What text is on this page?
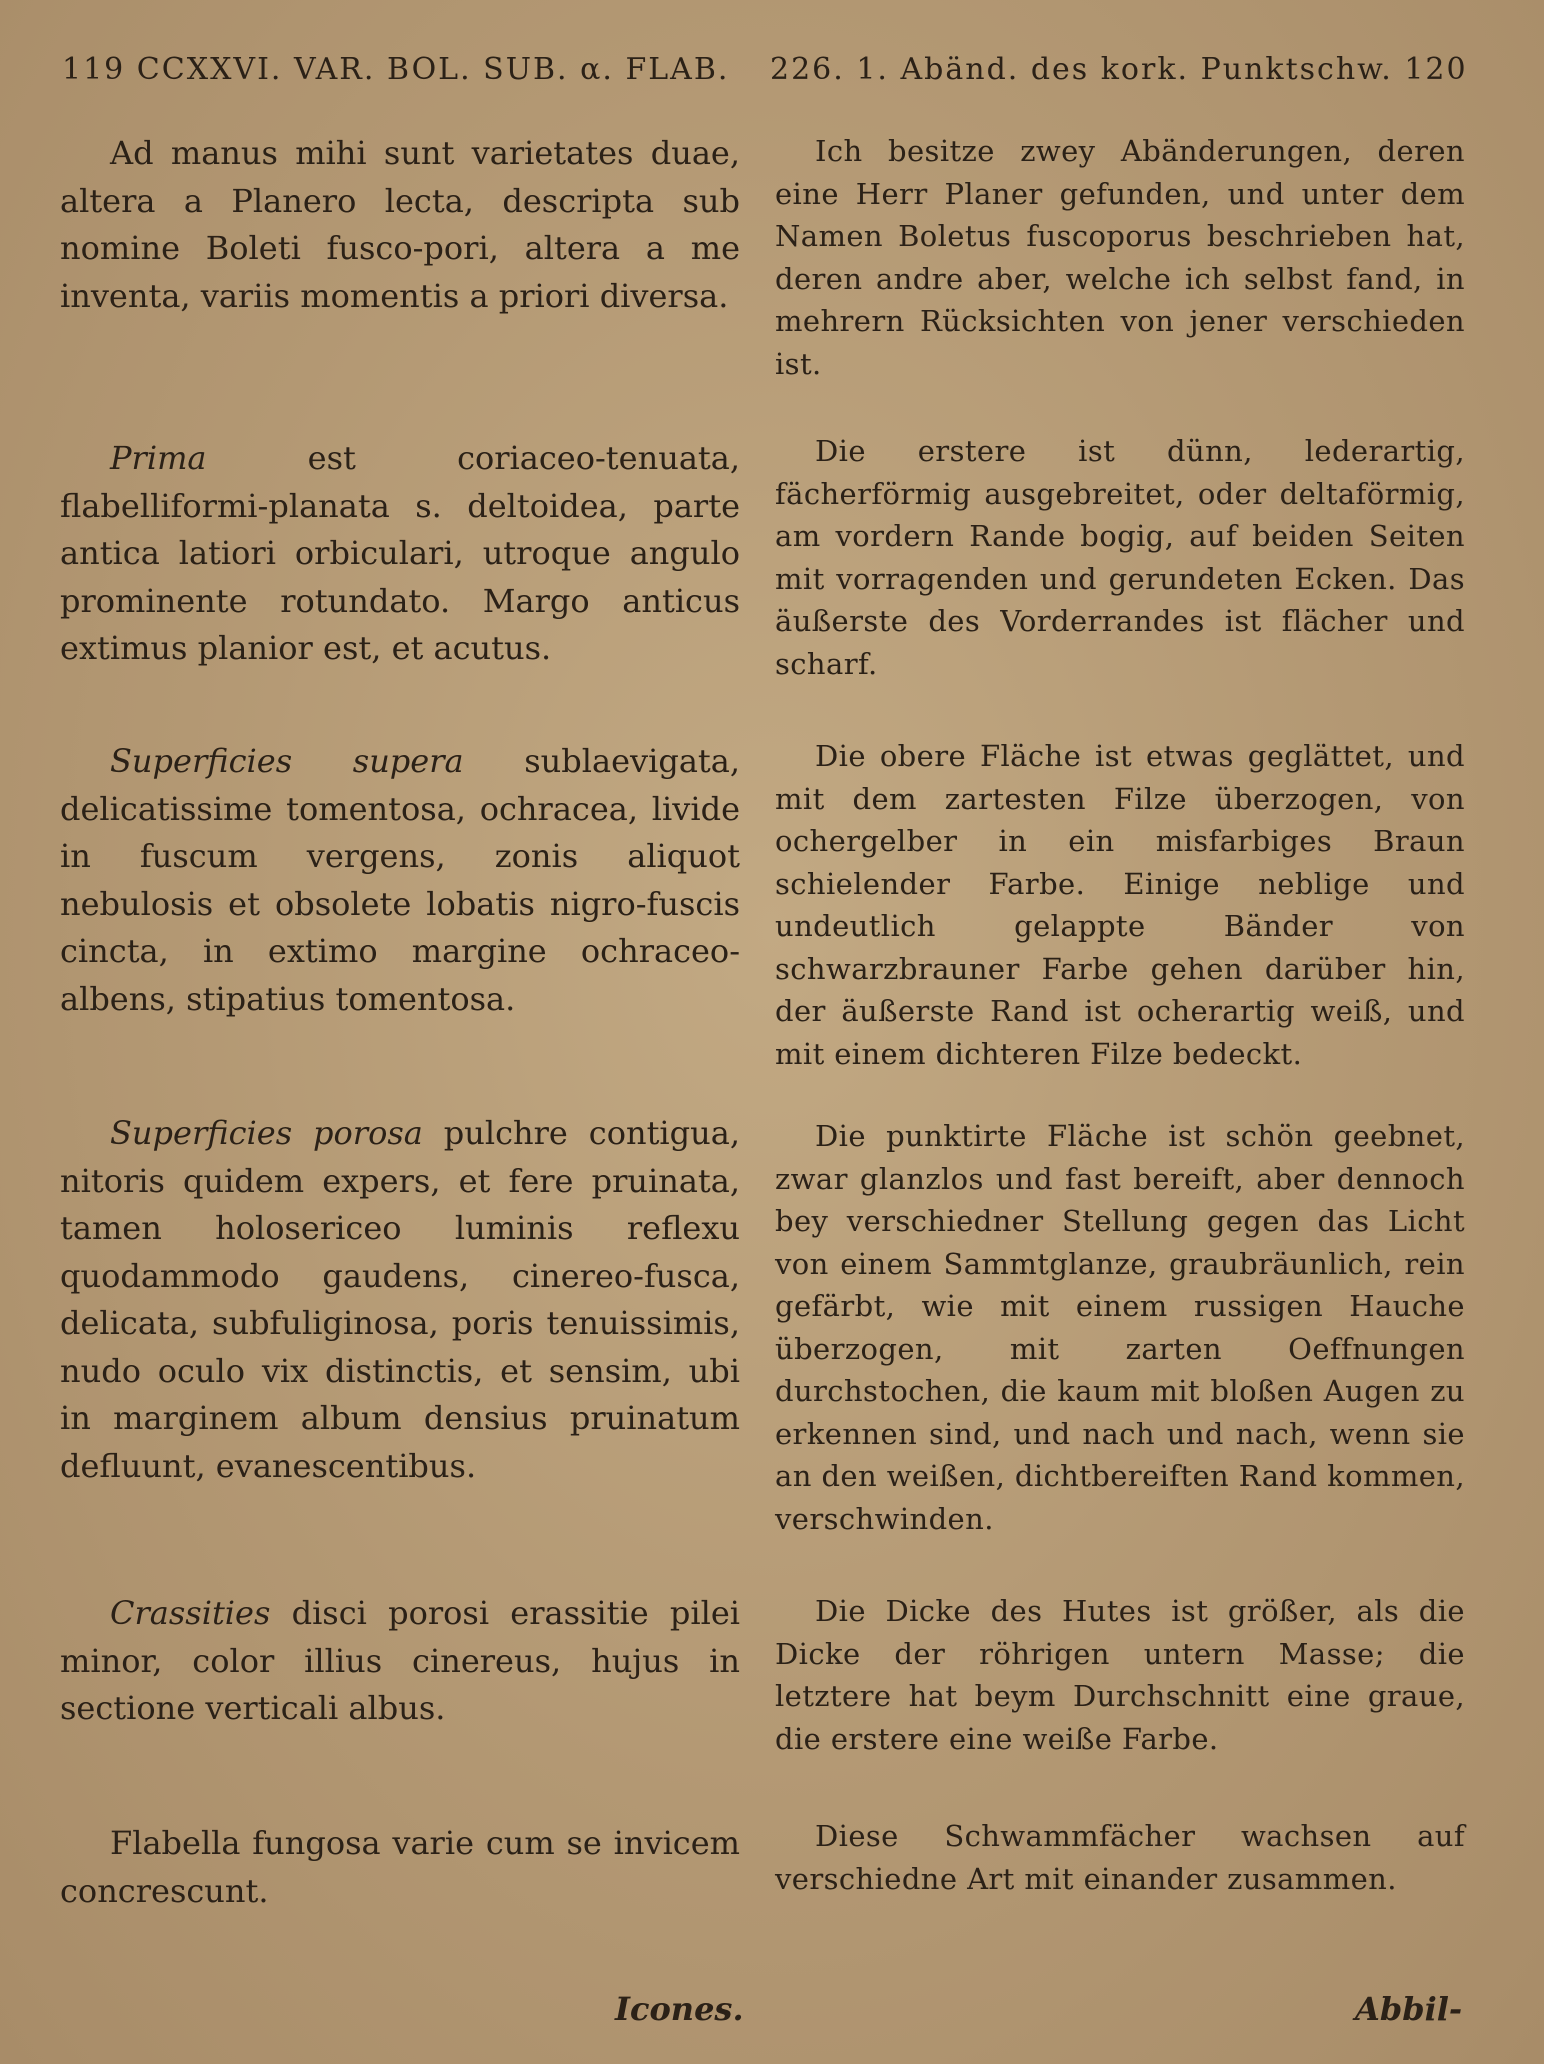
119 CCXXVI. VAR. BOL. SUB. α. FLAB.	226. 1. Abänd. des kork. Punktschw. 120

Ad manus mihi sunt varietates duae, altera a Planero lecta, descripta sub nomine Boleti fusco-pori, altera a me inventa, variis momentis a priori diversa.

Prima est coriaceo-tenuata, flabelliformi-planata s. deltoidea, parte antica latiori orbiculari, utroque angulo prominente rotundato. Margo anticus extimus planior est, et acutus.

Superficies supera sublaevigata, delicatissime tomentosa, ochracea, livide in fuscum vergens, zonis aliquot nebulosis et obsolete lobatis nigro-fuscis cincta, in extimo margine ochraceo-albens, stipatius tomentosa.

Superficies porosa pulchre contigua, nitoris quidem expers, et fere pruinata, tamen holosericeo luminis reflexu quodammodo gaudens, cinereo-fusca, delicata, subfuliginosa, poris tenuissimis, nudo oculo vix distinctis, et sensim, ubi in marginem album densius pruinatum defluunt, evanescentibus.

Crassities disci porosi erassitie pilei minor, color illius cinereus, hujus in sectione verticali albus.

Flabella fungosa varie cum se invicem concrescunt.

Ich besitze zwey Abänderungen, deren eine Herr Planer gefunden, und unter dem Namen Boletus fuscoporus beschrieben hat, deren andre aber, welche ich selbst fand, in mehrern Rücksichten von jener verschieden ist.

Die erstere ist dünn, lederartig, fächerförmig ausgebreitet, oder deltaförmig, am vordern Rande bogig, auf beiden Seiten mit vorragenden und gerundeten Ecken. Das äußerste des Vorderrandes ist flächer und scharf.

Die obere Fläche ist etwas geglättet, und mit dem zartesten Filze überzogen, von ochergelber in ein misfarbiges Braun schielender Farbe. Einige neblige und undeutlich gelappte Bänder von schwarzbrauner Farbe gehen darüber hin, der äußerste Rand ist ocherartig weiß, und mit einem dichteren Filze bedeckt.

Die punktirte Fläche ist schön geebnet, zwar glanzlos und fast bereift, aber dennoch bey verschiedner Stellung gegen das Licht von einem Sammtglanze, graubräunlich, rein gefärbt, wie mit einem russigen Hauche überzogen, mit zarten Oeffnungen durchstochen, die kaum mit bloßen Augen zu erkennen sind, und nach und nach, wenn sie an den weißen, dichtbereiften Rand kommen, verschwinden.

Die Dicke des Hutes ist größer, als die Dicke der röhrigen untern Masse; die letztere hat beym Durchschnitt eine graue, die erstere eine weiße Farbe.

Diese Schwammfächer wachsen auf verschiedne Art mit einander zusammen.

Icones.	Abbil-
